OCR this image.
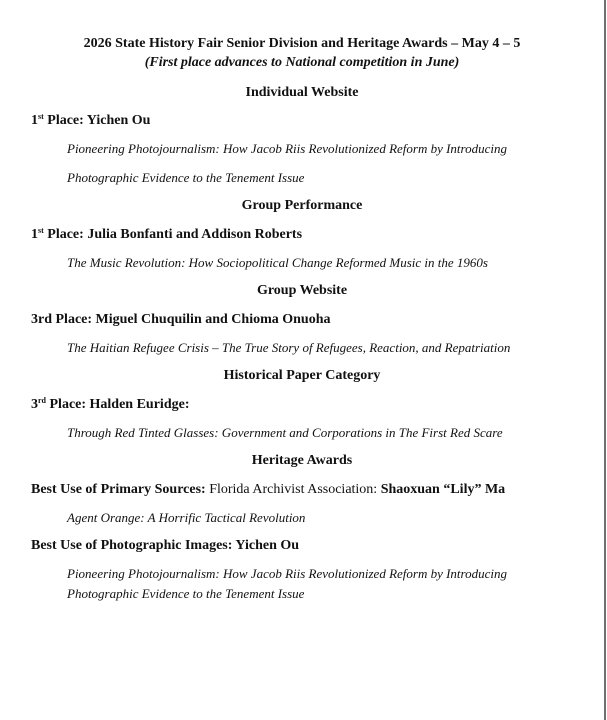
2026 State History Fair Senior Division and Heritage Awards – May 4 – 5
(First place advances to National competition in June)
Individual Website
1st Place: Yichen Ou
Pioneering Photojournalism: How Jacob Riis Revolutionized Reform by Introducing
Photographic Evidence to the Tenement Issue
Group Performance
1st Place: Julia Bonfanti and Addison Roberts
The Music Revolution: How Sociopolitical Change Reformed Music in the 1960s
Group Website
3rd Place: Miguel Chuquilin and Chioma Onuoha
The Haitian Refugee Crisis – The True Story of Refugees, Reaction, and Repatriation
Historical Paper Category
3rd Place: Halden Euridge:
Through Red Tinted Glasses: Government and Corporations in The First Red Scare
Heritage Awards
Best Use of Primary Sources: Florida Archivist Association: Shaoxuan “Lily” Ma
Agent Orange: A Horrific Tactical Revolution
Best Use of Photographic Images: Yichen Ou
Pioneering Photojournalism: How Jacob Riis Revolutionized Reform by Introducing
Photographic Evidence to the Tenement Issue
